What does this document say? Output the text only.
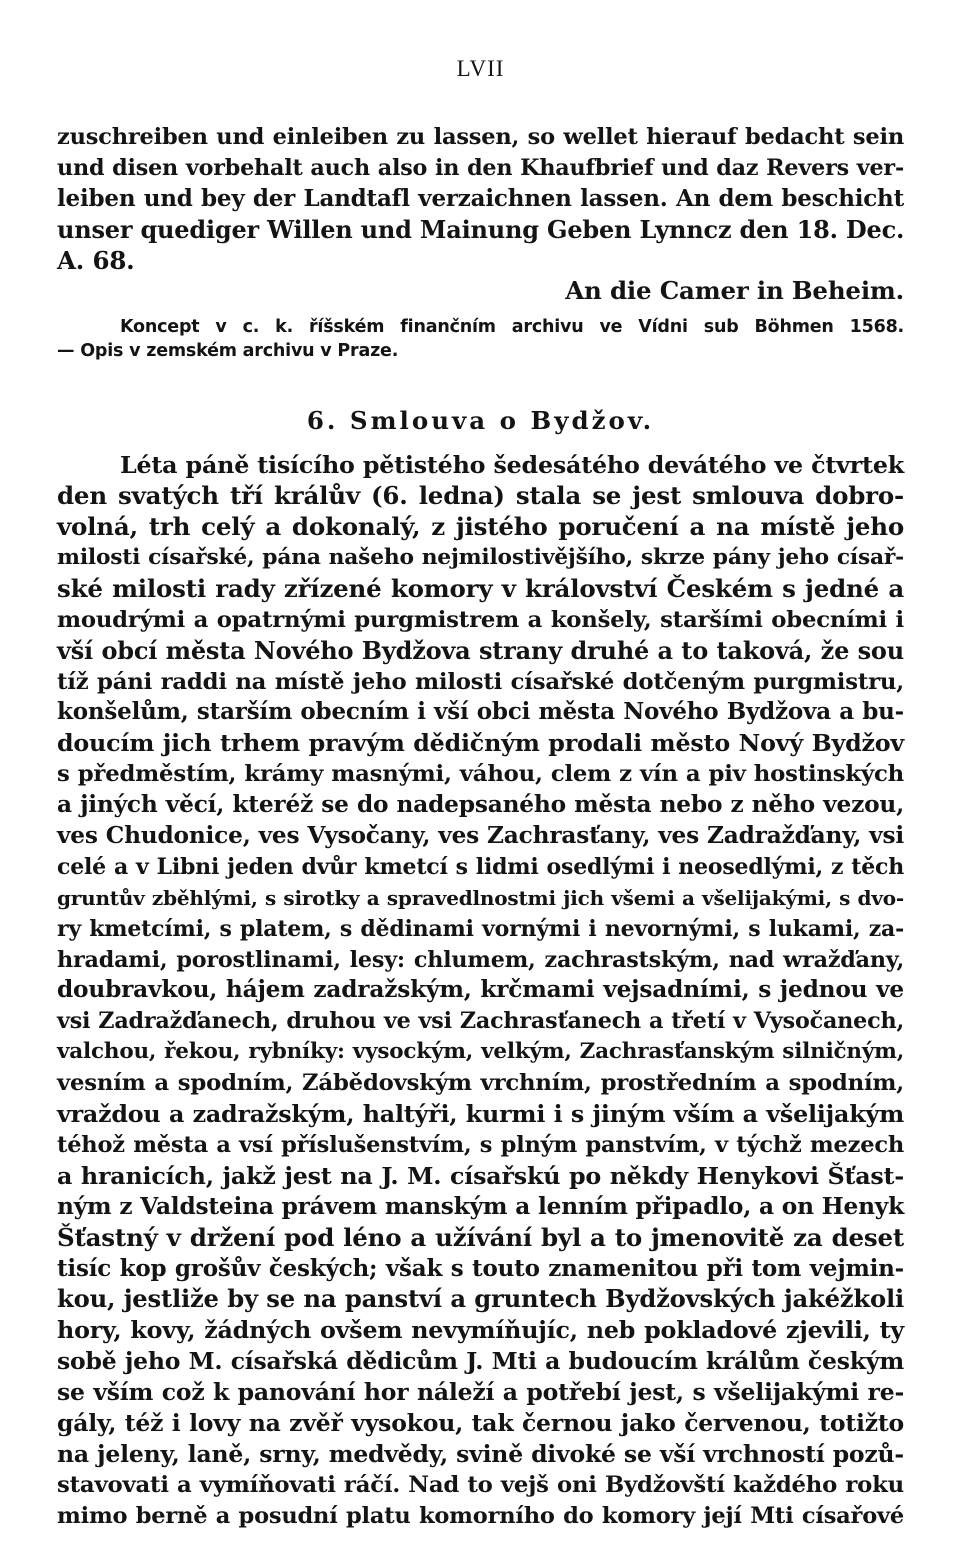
LVII
zuschreiben und einleiben zu lassen, so wellet hierauf bedacht sein
und disen vorbehalt auch also in den Khaufbrief und daz Revers ver-
leiben und bey der Landtafl verzaichnen lassen. An dem beschicht
unser quediger Willen und Mainung Geben Lynncz den 18. Dec.
A. 68.
An die Camer in Beheim.
Koncept v c. k. říšském finančním archivu ve Vídni sub Böhmen 1568.
— Opis v zemském archivu v Praze.
6. Smlouva o Bydžov.
Léta páně tisícího pětistého šedesátého devátého ve čtvrtek
den svatých tří králův (6. ledna) stala se jest smlouva dobro-
volná, trh celý a dokonalý, z jistého poručení a na místě jeho
milosti císařské, pána našeho nejmilostivějšího, skrze pány jeho císař-
ské milosti rady zřízené komory v království Českém s jedné a
moudrými a opatrnými purgmistrem a konšely, staršími obecními i
vší obcí města Nového Bydžova strany druhé a to taková, že sou
tíž páni raddi na místě jeho milosti císařské dotčeným purgmistru,
konšelům, starším obecním i vší obci města Nového Bydžova a bu-
doucím jich trhem pravým dědičným prodali město Nový Bydžov
s předměstím, krámy masnými, váhou, clem z vín a piv hostinských
a jiných věcí, kteréž se do nadepsaného města nebo z něho vezou,
ves Chudonice, ves Vysočany, ves Zachrasťany, ves Zadražďany, vsi
celé a v Libni jeden dvůr kmetcí s lidmi osedlými i neosedlými, z těch
gruntův zběhlými, s sirotky a spravedlnostmi jich všemi a všelijakými, s dvo-
ry kmetcími, s platem, s dědinami vornými i nevornými, s lukami, za-
hradami, porostlinami, lesy: chlumem, zachrastským, nad wražďany,
doubravkou, hájem zadražským, krčmami vejsadními, s jednou ve
vsi Zadražďanech, druhou ve vsi Zachrasťanech a třetí v Vysočanech,
valchou, řekou, rybníky: vysockým, velkým, Zachrasťanským silničným,
vesním a spodním, Zábědovským vrchním, prostředním a spodním,
vraždou a zadražským, haltýři, kurmi i s jiným vším a všelijakým
téhož města a vsí příslušenstvím, s plným panstvím, v týchž mezech
a hranicích, jakž jest na J. M. císařskú po někdy Henykovi Šťast-
ným z Valdsteina právem manským a lenním připadlo, a on Henyk
Šťastný v držení pod léno a užívání byl a to jmenovitě za deset
tisíc kop grošův českých; však s touto znamenitou při tom vejmin-
kou, jestliže by se na panství a gruntech Bydžovských jakéžkoli
hory, kovy, žádných ovšem nevymíňujíc, neb pokladové zjevili, ty
sobě jeho M. císařská dědicům J. Mti a budoucím králům českým
se vším což k panování hor náleží a potřebí jest, s všelijakými re-
gály, též i lovy na zvěř vysokou, tak černou jako červenou, totižto
na jeleny, laně, srny, medvědy, svině divoké se vší vrchností pozů-
stavovati a vymíňovati ráčí. Nad to vejš oni Bydžovští každého roku
mimo berně a posudní platu komorního do komory její Mti císařové
